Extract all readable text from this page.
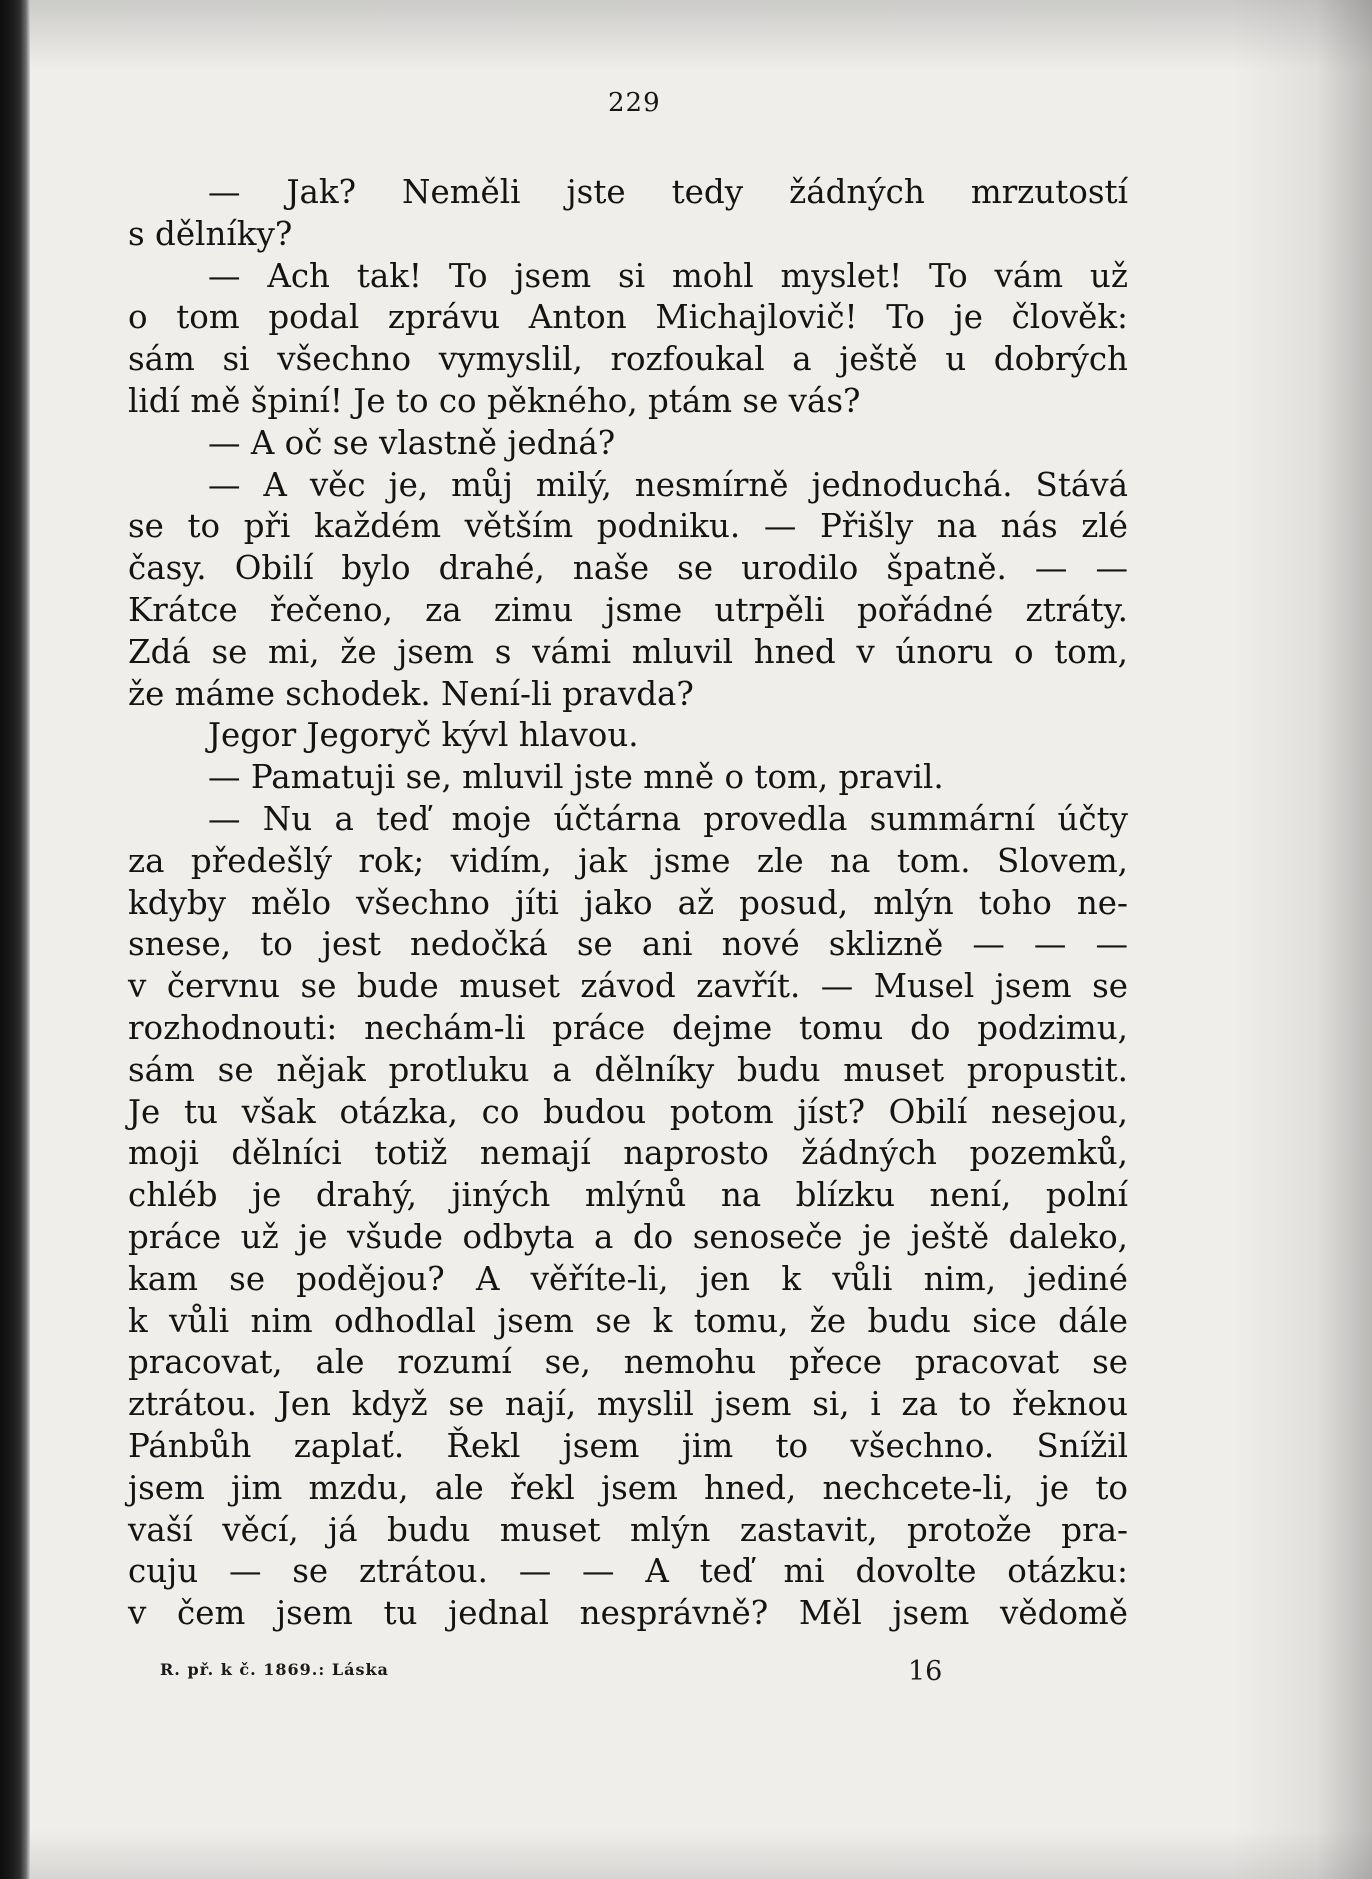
229
— Jak? Neměli jste tedy žádných mrzutostí
s dělníky?
— Ach tak! To jsem si mohl myslet! To vám už
o tom podal zprávu Anton Michajlovič! To je člověk:
sám si všechno vymyslil, rozfoukal a ještě u dobrých
lidí mě špiní! Je to co pěkného, ptám se vás?
— A oč se vlastně jedná?
— A věc je, můj milý, nesmírně jednoduchá. Stává
se to při každém větším podniku. — Přišly na nás zlé
časy. Obilí bylo drahé, naše se urodilo špatně. — —
Krátce řečeno, za zimu jsme utrpěli pořádné ztráty.
Zdá se mi, že jsem s vámi mluvil hned v únoru o tom,
že máme schodek. Není-li pravda?
Jegor Jegoryč kývl hlavou.
— Pamatuji se, mluvil jste mně o tom, pravil.
— Nu a teď moje účtárna provedla summární účty
za předešlý rok; vidím, jak jsme zle na tom. Slovem,
kdyby mělo všechno jíti jako až posud, mlýn toho ne-
snese, to jest nedočká se ani nové sklizně — — —
v červnu se bude muset závod zavřít. — Musel jsem se
rozhodnouti: nechám-li práce dejme tomu do podzimu,
sám se nějak protluku a dělníky budu muset propustit.
Je tu však otázka, co budou potom jíst? Obilí nesejou,
moji dělníci totiž nemají naprosto žádných pozemků,
chléb je drahý, jiných mlýnů na blízku není, polní
práce už je všude odbyta a do senoseče je ještě daleko,
kam se podějou? A věříte-li, jen k vůli nim, jediné
k vůli nim odhodlal jsem se k tomu, že budu sice dále
pracovat, ale rozumí se, nemohu přece pracovat se
ztrátou. Jen když se nají, myslil jsem si, i za to řeknou
Pánbůh zaplať. Řekl jsem jim to všechno. Snížil
jsem jim mzdu, ale řekl jsem hned, nechcete-li, je to
vaší věcí, já budu muset mlýn zastavit, protože pra-
cuju — se ztrátou. — — A teď mi dovolte otázku:
v čem jsem tu jednal nesprávně? Měl jsem vědomě
R. př. k č. 1869.: Láska	16
